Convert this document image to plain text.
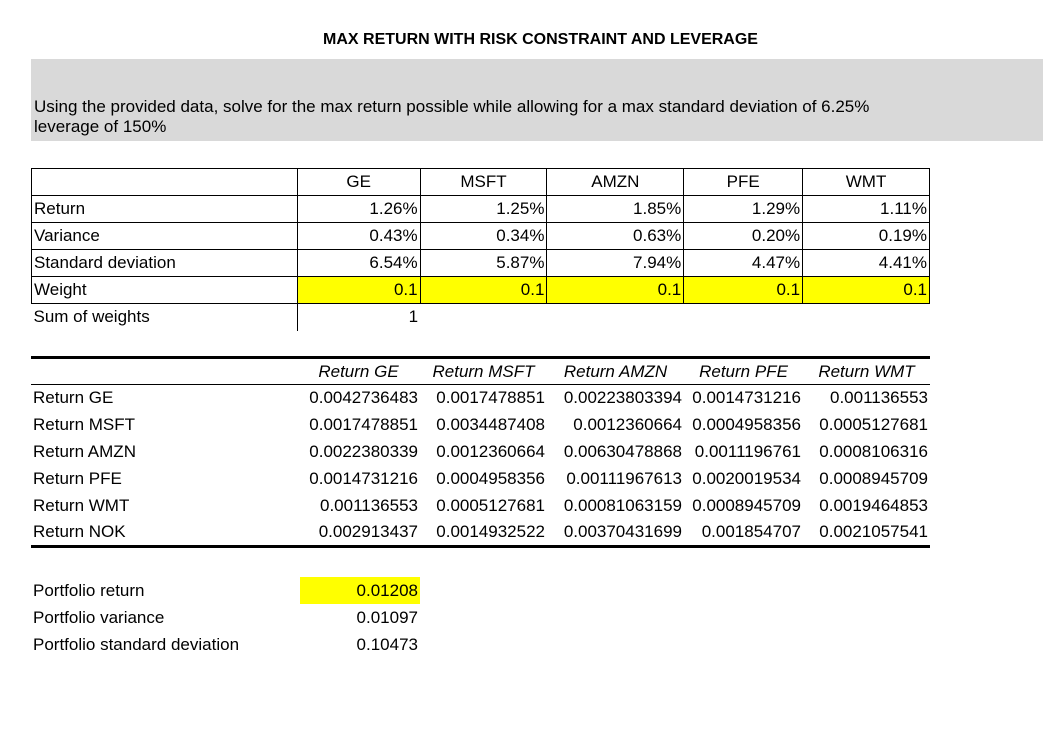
MAX RETURN WITH RISK CONSTRAINT AND LEVERAGE
Using the provided data, solve for the max return possible while allowing for a max standard deviation of 6.25%
leverage of 150%
	GE	MSFT	AMZN	PFE	WMT
Return	1.26%	1.25%	1.85%	1.29%	1.11%
Variance	0.43%	0.34%	0.63%	0.20%	0.19%
Standard deviation	6.54%	5.87%	7.94%	4.47%	4.41%
Weight	0.1	0.1	0.1	0.1	0.1
Sum of weights	1				
	Return GE	Return MSFT	Return AMZN	Return PFE	Return WMT
Return GE	0.0042736483	0.0017478851	0.00223803394	0.0014731216	0.001136553
Return MSFT	0.0017478851	0.0034487408	0.0012360664	0.0004958356	0.0005127681
Return AMZN	0.0022380339	0.0012360664	0.00630478868	0.0011196761	0.0008106316
Return PFE	0.0014731216	0.0004958356	0.00111967613	0.0020019534	0.0008945709
Return WMT	0.001136553	0.0005127681	0.00081063159	0.0008945709	0.0019464853
Return NOK	0.002913437	0.0014932522	0.00370431699	0.001854707	0.0021057541
Portfolio return	0.01208
Portfolio variance	0.01097
Portfolio standard deviation	0.10473
